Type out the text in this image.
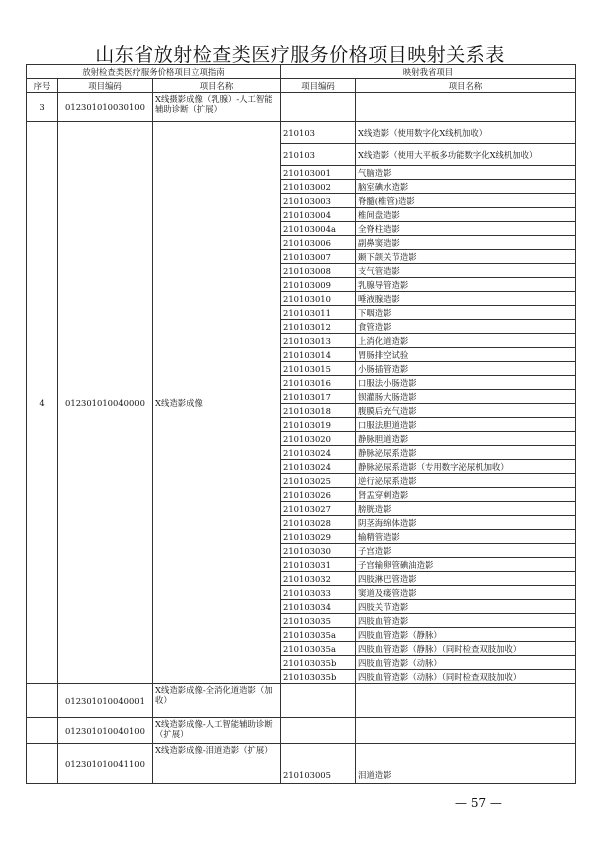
山东省放射检查类医疗服务价格项目映射关系表
放射检查类医疗服务价格项目立项指南			映射我省项目	
序号	项目编码	项目名称	项目编码	项目名称
3	012301010030100	X线摄影成像（乳腺）-人工智能辅助诊断（扩展）		
4	012301010040000	X线造影成像	210103	X线造影（使用数字化X线机加收）
			210103	X线造影（使用大平板多功能数字化X线机加收）
			210103001	气脑造影
			210103002	脑室碘水造影
			210103003	脊髓(椎管)造影
			210103004	椎间盘造影
			210103004a	全脊柱造影
			210103006	副鼻窦造影
			210103007	颞下颌关节造影
			210103008	支气管造影
			210103009	乳腺导管造影
			210103010	唾液腺造影
			210103011	下咽造影
			210103012	食管造影
			210103013	上消化道造影
			210103014	胃肠排空试验
			210103015	小肠插管造影
			210103016	口服法小肠造影
			210103017	钡灌肠大肠造影
			210103018	腹膜后充气造影
			210103019	口服法胆道造影
			210103020	静脉胆道造影
			210103024	静脉泌尿系造影
			210103024	静脉泌尿系造影（专用数字泌尿机加收）
			210103025	逆行泌尿系造影
			210103026	肾盂穿刺造影
			210103027	膀胱造影
			210103028	阴茎海绵体造影
			210103029	输精管造影
			210103030	子宫造影
			210103031	子宫输卵管碘油造影
			210103032	四肢淋巴管造影
			210103033	窦道及瘘管造影
			210103034	四肢关节造影
			210103035	四肢血管造影
			210103035a	四肢血管造影（静脉）
			210103035a	四肢血管造影（静脉）（同时检查双肢加收）
			210103035b	四肢血管造影（动脉）
			210103035b	四肢血管造影（动脉）（同时检查双肢加收）
	012301010040001	X线造影成像-全消化道造影（加收）		
	012301010040100	X线造影成像-人工智能辅助诊断（扩展）		
	012301010041100	X线造影成像-泪道造影（扩展）	210103005	泪道造影
— 57 —
